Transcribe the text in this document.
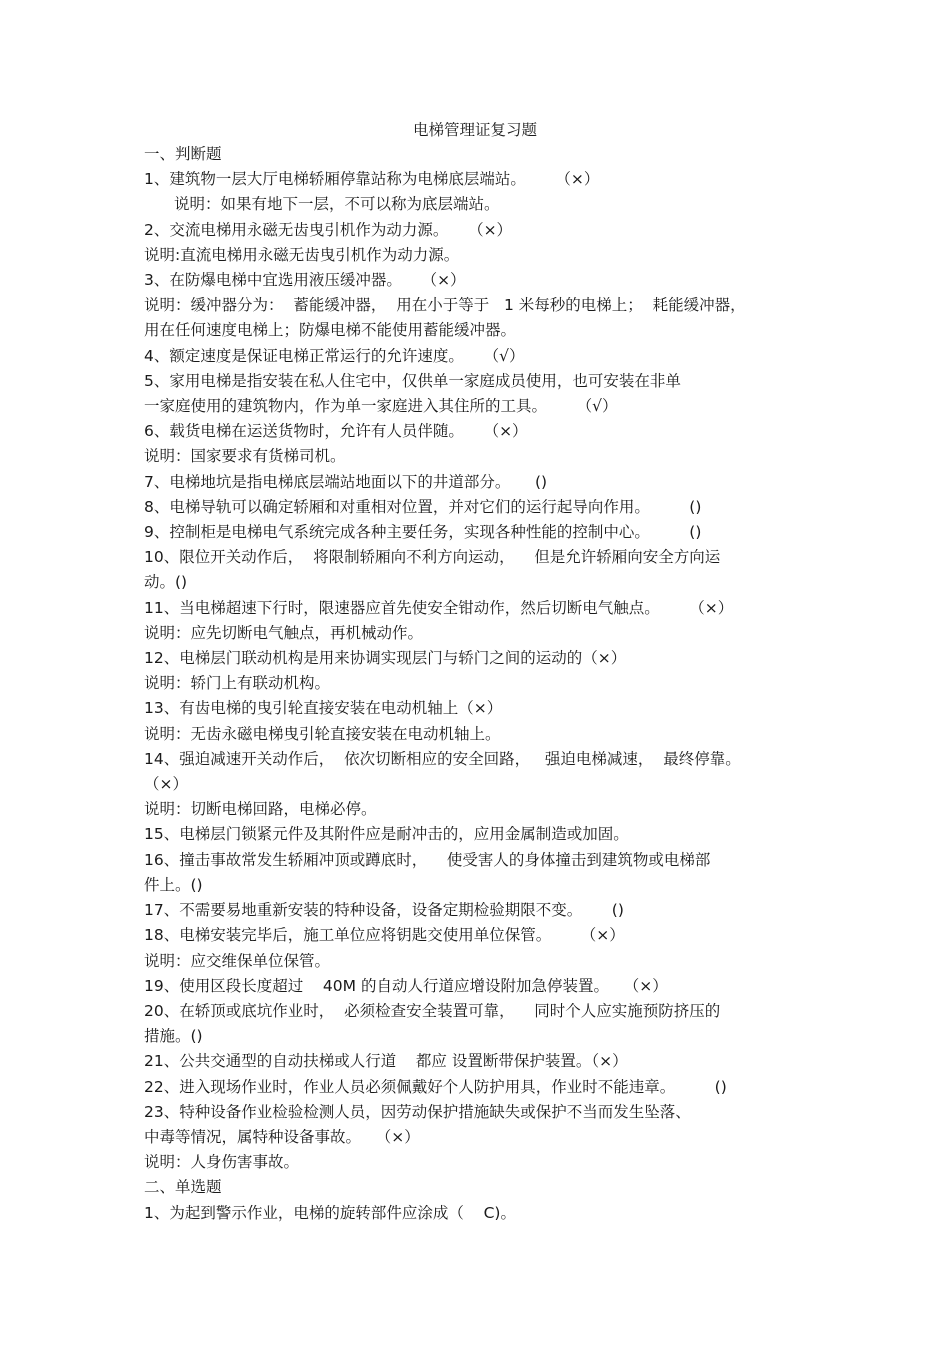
电梯管理证复习题
一、判断题
1、建筑物一层大厅电梯轿厢停靠站称为电梯底层端站。      （×）
说明：如果有地下一层，不可以称为底层端站。
2、交流电梯用永磁无齿曳引机作为动力源。    （×）
说明:直流电梯用永磁无齿曳引机作为动力源。
3、在防爆电梯中宜选用液压缓冲器。    （×）
说明：缓冲器分为：  蓄能缓冲器，  用在小于等于   1 米每秒的电梯上；  耗能缓冲器，
用在任何速度电梯上；防爆电梯不能使用蓄能缓冲器。
4、额定速度是保证电梯正常运行的允许速度。    （√）
5、家用电梯是指安装在私人住宅中，仅供单一家庭成员使用，也可安装在非单
一家庭使用的建筑物内，作为单一家庭进入其住所的工具。      （√）
6、载货电梯在运送货物时，允许有人员伴随。    （×）
说明：国家要求有货梯司机。
7、电梯地坑是指电梯底层端站地面以下的井道部分。     ()
8、电梯导轨可以确定轿厢和对重相对位置，并对它们的运行起导向作用。        ()
9、控制柜是电梯电气系统完成各种主要任务，实现各种性能的控制中心。        ()
10、限位开关动作后，  将限制轿厢向不利方向运动，    但是允许轿厢向安全方向运
动。()
11、当电梯超速下行时，限速器应首先使安全钳动作，然后切断电气触点。      （×）
说明：应先切断电气触点，再机械动作。
12、电梯层门联动机构是用来协调实现层门与轿门之间的运动的（×）
说明：轿门上有联动机构。
13、有齿电梯的曳引轮直接安装在电动机轴上（×）
说明：无齿永磁电梯曳引轮直接安装在电动机轴上。
14、强迫减速开关动作后，  依次切断相应的安全回路，   强迫电梯减速，  最终停靠。
（×）
说明：切断电梯回路，电梯必停。
15、电梯层门锁紧元件及其附件应是耐冲击的，应用金属制造或加固。
16、撞击事故常发生轿厢冲顶或蹲底时，    使受害人的身体撞击到建筑物或电梯部
件上。()
17、不需要易地重新安装的特种设备，设备定期检验期限不变。      ()
18、电梯安装完毕后，施工单位应将钥匙交使用单位保管。      （×）
说明：应交维保单位保管。
19、使用区段长度超过    40M 的自动人行道应增设附加急停装置。   （×）
20、在轿顶或底坑作业时，  必须检查安全装置可靠，    同时个人应实施预防挤压的
措施。()
21、公共交通型的自动扶梯或人行道    都应 设置断带保护装置。（×）
22、进入现场作业时，作业人员必须佩戴好个人防护用具，作业时不能违章。        ()
23、特种设备作业检验检测人员，因劳动保护措施缺失或保护不当而发生坠落、
中毒等情况，属特种设备事故。   （×）
说明：人身伤害事故。
二、单选题
1、为起到警示作业，电梯的旋转部件应涂成（    C)。
